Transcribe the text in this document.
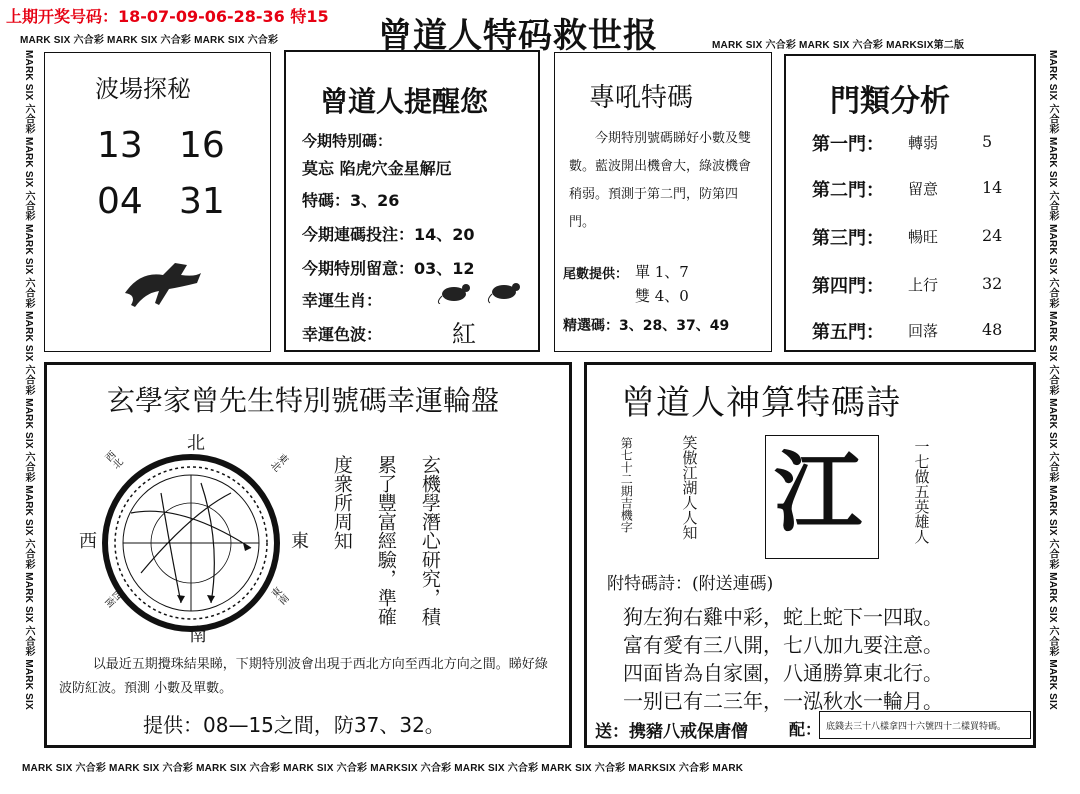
上期开奖号码：18-07-09-06-28-36 特15 曾道人特码救世报
MARK SIX 六合彩 MARK SIX 六合彩 MARK SIX 六合彩	MARK SIX 六合彩 MARK SIX 六合彩 MARKSIX第二版
MARK SIX 六合彩 MARK SIX 六合彩 MARK SIX 六合彩 MARK SIX 六合彩 MARKSIX 六合彩 MARK SIX 六合彩 MARK SIX 六合彩 MARKSIX 六合彩 MARK
MARK SIX 六合彩 MARK SIX 六合彩 MARK SIX 六合彩 MARK SIX 六合彩 MARK SIX 六合彩 MARK SIX 六合彩 MARK SIX 六合彩 MARK SIX	MARK SIX 六合彩 MARK SIX 六合彩 MARK SIX 六合彩 MARK SIX 六合彩 MARK SIX 六合彩 MARK SIX 六合彩 MARK SIX 六合彩 MARK SIX
波場探秘
13 16
04 31
曾道人提醒您
今期特別碼：
莫忘 陷虎穴金星解厄
特碼：3、26
今期連碼投注：14、20
今期特別留意：03、12
幸運生肖：
幸運色波：	紅
專吼特碼
今期特別號碼睇好小數及雙數。藍波開出機會大，綠波機會稍弱。預測于第二門，防第四門。
尾數提供： 單 1、7
雙 4、0
精選碼：3、28、37、49
門類分析
第一門： 轉弱	5
第二門： 留意	14
第三門： 暢旺	24
第四門： 上行	32
第五門： 回落	48
玄學家曾先生特別號碼幸運輪盤
北
南
東
西
西北	東北
西南	東南	玄機學潛心研究，積
累了豐富經驗，準確
度衆所周知
以最近五期攪珠結果睇，下期特別波會出現于西北方向至西北方向之間。睇好綠波防紅波。預測 小數及單數。
提供：08—15之間，防37、32。
曾道人神算特碼詩
第七十二期吉機字	笑傲江湖人人知 江	一七做五英雄人
附特碼詩：(附送連碼)
狗左狗右雞中彩，蛇上蛇下一四取。
富有愛有三八開，七八加九要注意。
四面皆為自家園，八通勝算東北行。
一别已有二三年，一泓秋水一輪月。
送：携豬八戒保唐僧	配： 底錢去三十八樣拿四十六號四十二樣買特碼。
